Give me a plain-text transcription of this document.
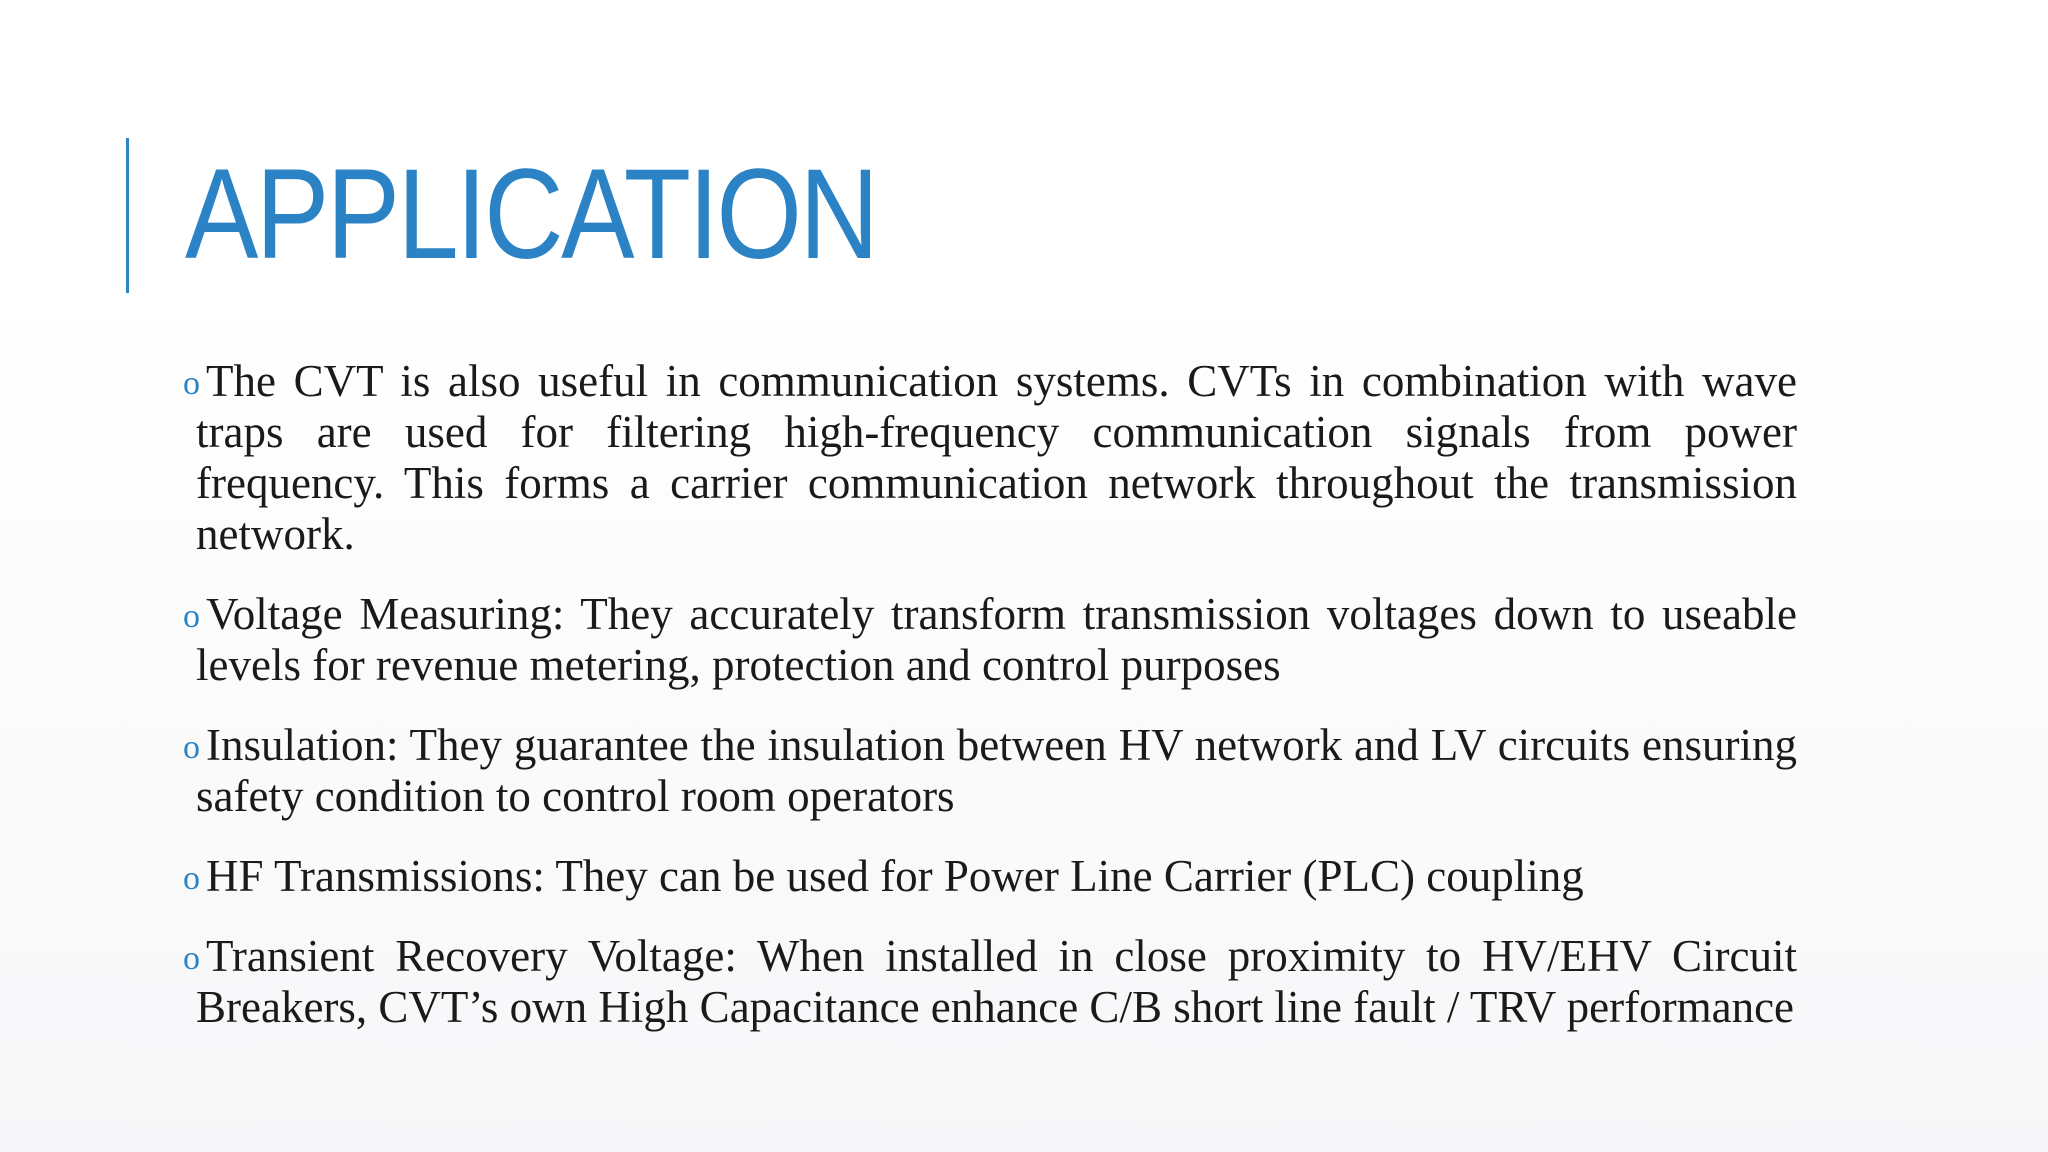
APPLICATION
o The CVT is also useful in communication systems. CVTs in combination with wave traps are used for filtering high-frequency communication signals from power frequency. This forms a carrier communication network throughout the transmission network.
o Voltage Measuring: They accurately transform transmission voltages down to useable levels for revenue metering, protection and control purposes
o Insulation: They guarantee the insulation between HV network and LV circuits ensuring safety condition to control room operators
o HF Transmissions: They can be used for Power Line Carrier (PLC) coupling
o Transient Recovery Voltage: When installed in close proximity to HV/EHV Circuit Breakers, CVT’s own High Capacitance enhance C/B short line fault / TRV performance
